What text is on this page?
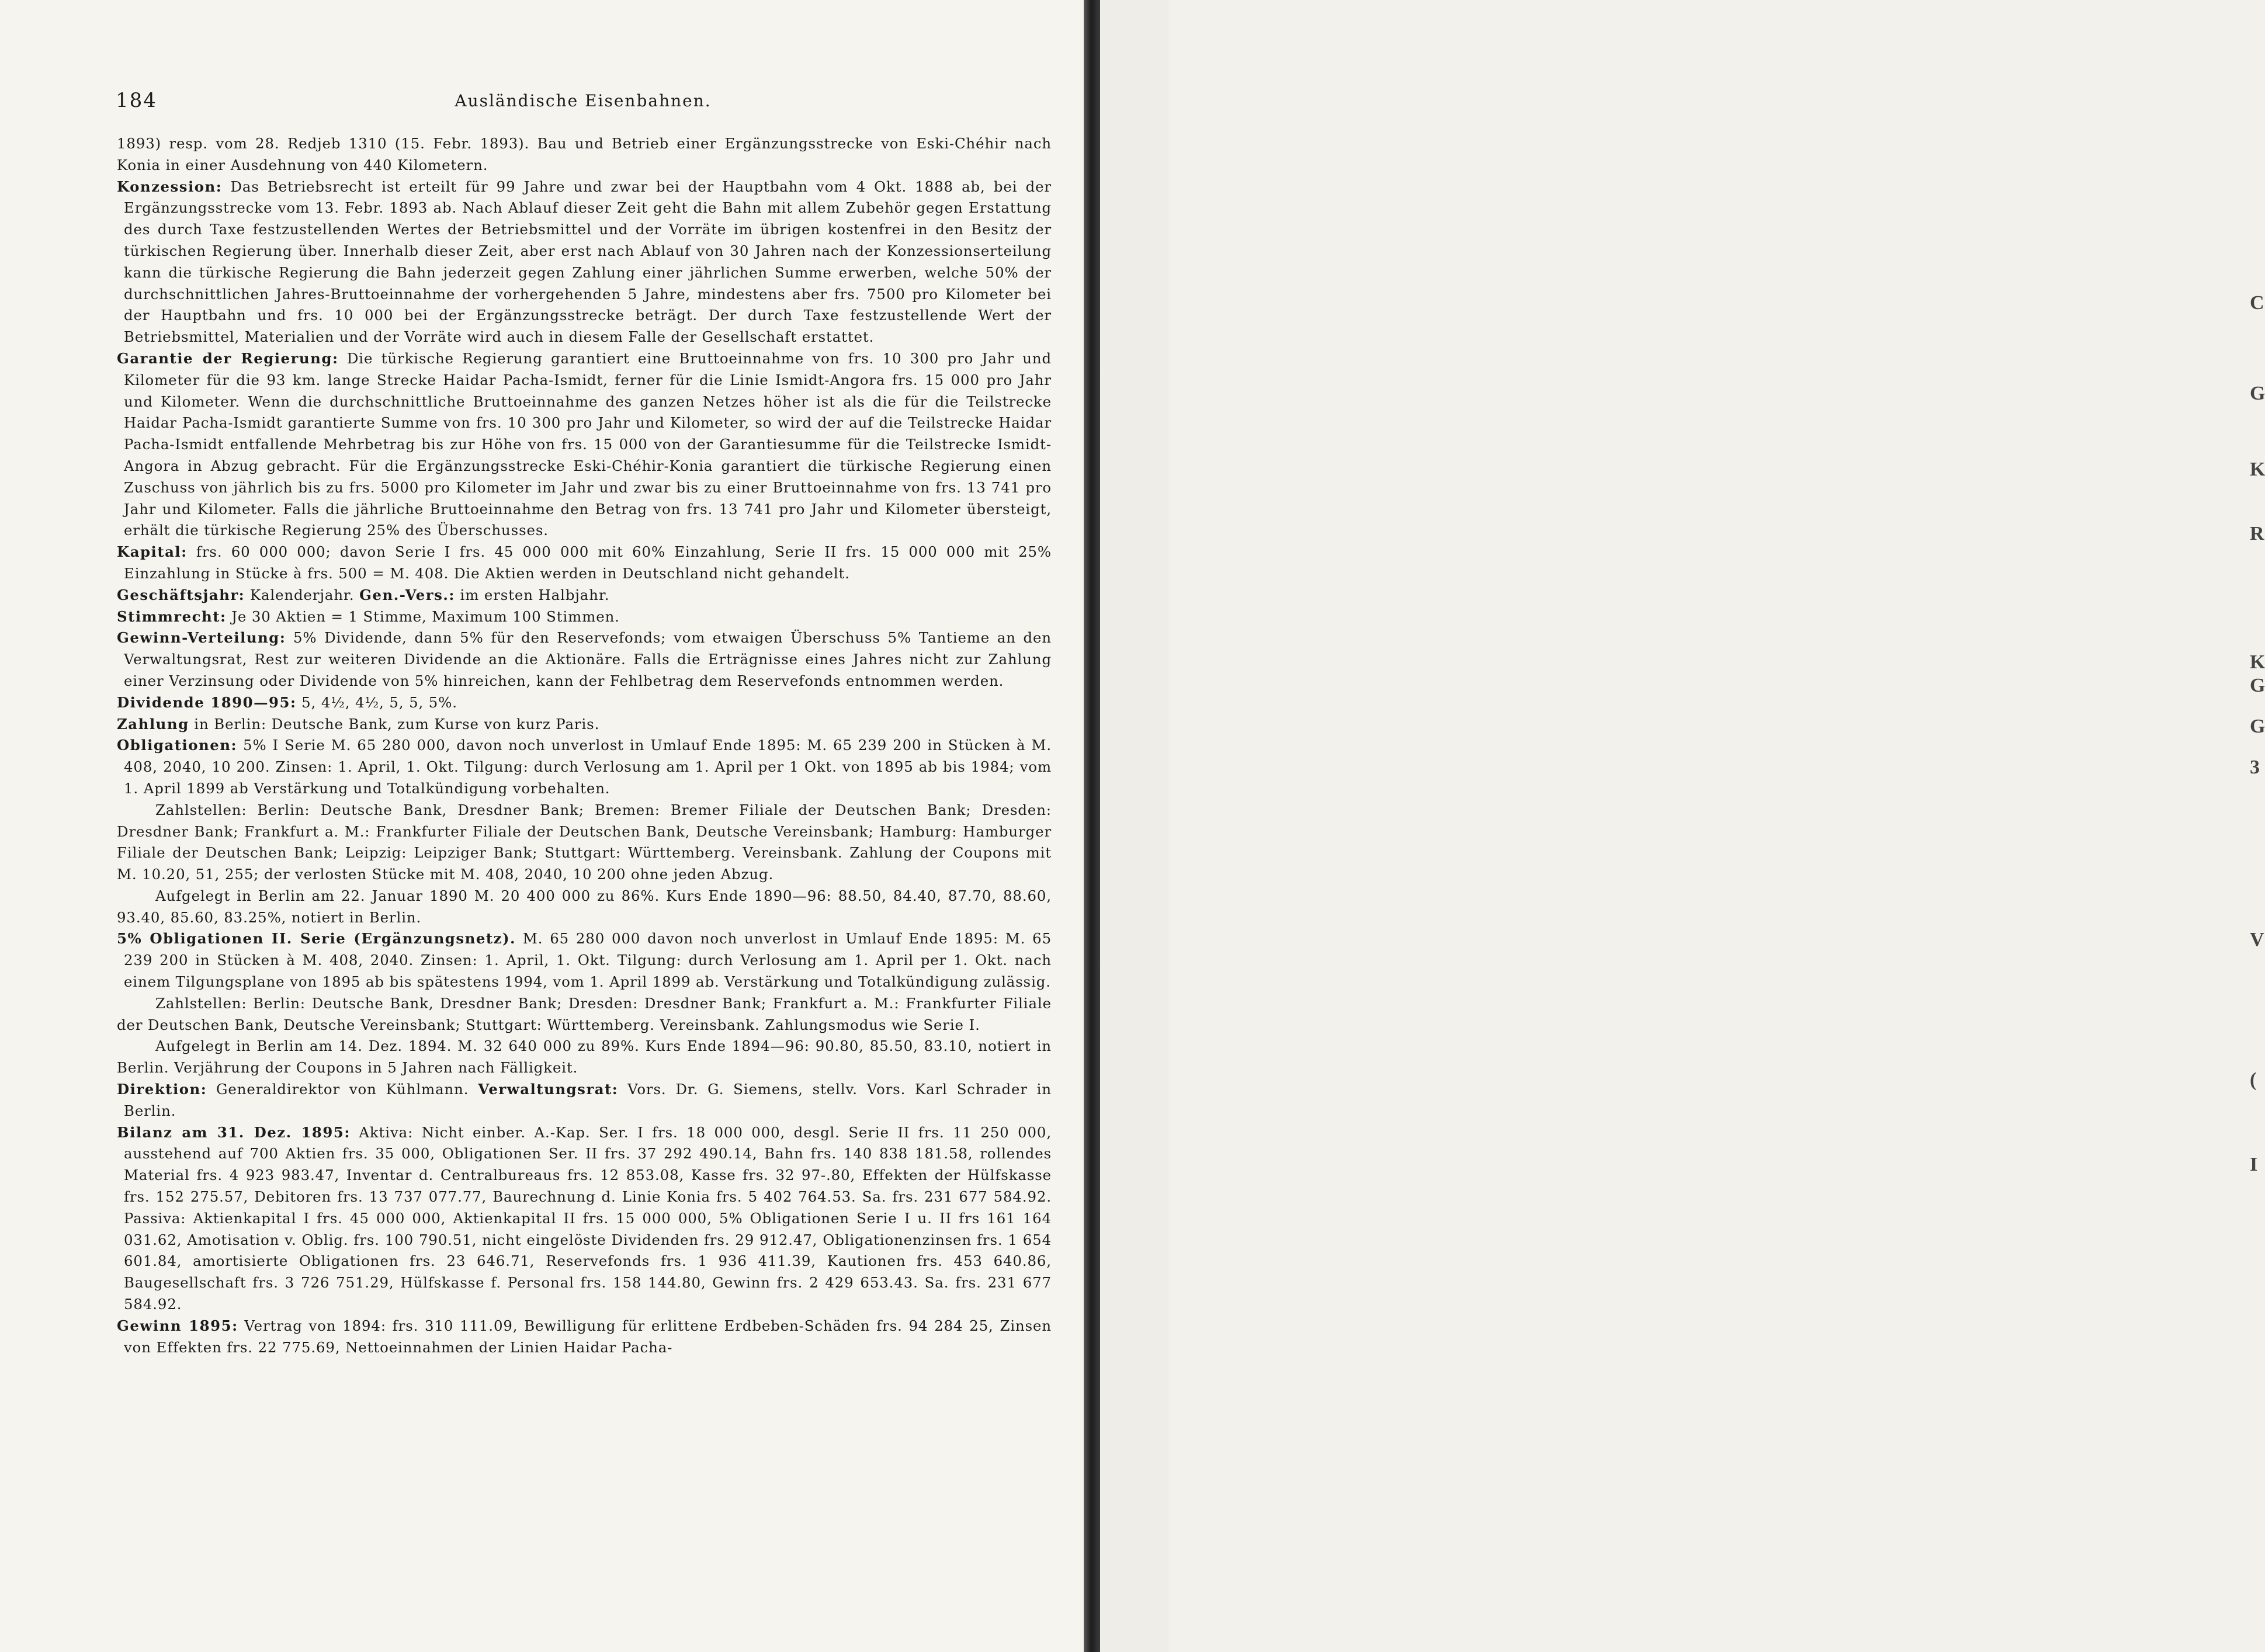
184	Ausländische Eisenbahnen.

1893) resp. vom 28. Redjeb 1310 (15. Febr. 1893). Bau und Betrieb einer Ergänzungsstrecke von Eski-Chéhir nach Konia in einer Ausdehnung von 440 Kilometern.

Konzession: Das Betriebsrecht ist erteilt für 99 Jahre und zwar bei der Hauptbahn vom 4 Okt. 1888 ab, bei der Ergänzungsstrecke vom 13. Febr. 1893 ab. Nach Ablauf dieser Zeit geht die Bahn mit allem Zubehör gegen Erstattung des durch Taxe festzustellenden Wertes der Betriebsmittel und der Vorräte im übrigen kostenfrei in den Besitz der türkischen Regierung über. Innerhalb dieser Zeit, aber erst nach Ablauf von 30 Jahren nach der Konzessionserteilung kann die türkische Regierung die Bahn jederzeit gegen Zahlung einer jährlichen Summe erwerben, welche 50% der durchschnittlichen Jahres-Bruttoeinnahme der vorhergehenden 5 Jahre, mindestens aber frs. 7500 pro Kilometer bei der Hauptbahn und frs. 10 000 bei der Ergänzungsstrecke beträgt. Der durch Taxe festzustellende Wert der Betriebsmittel, Materialien und der Vorräte wird auch in diesem Falle der Gesellschaft erstattet.

Garantie der Regierung: Die türkische Regierung garantiert eine Bruttoeinnahme von frs. 10 300 pro Jahr und Kilometer für die 93 km. lange Strecke Haidar Pacha-Ismidt, ferner für die Linie Ismidt-Angora frs. 15 000 pro Jahr und Kilometer. Wenn die durchschnittliche Bruttoeinnahme des ganzen Netzes höher ist als die für die Teilstrecke Haidar Pacha-Ismidt garantierte Summe von frs. 10 300 pro Jahr und Kilometer, so wird der auf die Teilstrecke Haidar Pacha-Ismidt entfallende Mehrbetrag bis zur Höhe von frs. 15 000 von der Garantiesumme für die Teilstrecke Ismidt-Angora in Abzug gebracht. Für die Ergänzungsstrecke Eski-Chéhir-Konia garantiert die türkische Regierung einen Zuschuss von jährlich bis zu frs. 5000 pro Kilometer im Jahr und zwar bis zu einer Bruttoeinnahme von frs. 13 741 pro Jahr und Kilometer. Falls die jährliche Bruttoeinnahme den Betrag von frs. 13 741 pro Jahr und Kilometer übersteigt, erhält die türkische Regierung 25% des Überschusses.

Kapital: frs. 60 000 000; davon Serie I frs. 45 000 000 mit 60% Einzahlung, Serie II frs. 15 000 000 mit 25% Einzahlung in Stücke à frs. 500 = M. 408. Die Aktien werden in Deutschland nicht gehandelt.

Geschäftsjahr: Kalenderjahr. Gen.-Vers.: im ersten Halbjahr.

Stimmrecht: Je 30 Aktien = 1 Stimme, Maximum 100 Stimmen.

Gewinn-Verteilung: 5% Dividende, dann 5% für den Reservefonds; vom etwaigen Überschuss 5% Tantieme an den Verwaltungsrat, Rest zur weiteren Dividende an die Aktionäre. Falls die Erträgnisse eines Jahres nicht zur Zahlung einer Verzinsung oder Dividende von 5% hinreichen, kann der Fehlbetrag dem Reservefonds entnommen werden.

Dividende 1890—95: 5, 4½, 4½, 5, 5, 5%.

Zahlung in Berlin: Deutsche Bank, zum Kurse von kurz Paris.

Obligationen: 5% I Serie M. 65 280 000, davon noch unverlost in Umlauf Ende 1895: M. 65 239 200 in Stücken à M. 408, 2040, 10 200. Zinsen: 1. April, 1. Okt. Tilgung: durch Verlosung am 1. April per 1 Okt. von 1895 ab bis 1984; vom 1. April 1899 ab Verstärkung und Totalkündigung vorbehalten.

Zahlstellen: Berlin: Deutsche Bank, Dresdner Bank; Bremen: Bremer Filiale der Deutschen Bank; Dresden: Dresdner Bank; Frankfurt a. M.: Frankfurter Filiale der Deutschen Bank, Deutsche Vereinsbank; Hamburg: Hamburger Filiale der Deutschen Bank; Leipzig: Leipziger Bank; Stuttgart: Württemberg. Vereinsbank. Zahlung der Coupons mit M. 10.20, 51, 255; der verlosten Stücke mit M. 408, 2040, 10 200 ohne jeden Abzug.

Aufgelegt in Berlin am 22. Januar 1890 M. 20 400 000 zu 86%. Kurs Ende 1890—96: 88.50, 84.40, 87.70, 88.60, 93.40, 85.60, 83.25%, notiert in Berlin.

5% Obligationen II. Serie (Ergänzungsnetz). M. 65 280 000 davon noch unverlost in Umlauf Ende 1895: M. 65 239 200 in Stücken à M. 408, 2040. Zinsen: 1. April, 1. Okt. Tilgung: durch Verlosung am 1. April per 1. Okt. nach einem Tilgungsplane von 1895 ab bis spätestens 1994, vom 1. April 1899 ab. Verstärkung und Totalkündigung zulässig.

Zahlstellen: Berlin: Deutsche Bank, Dresdner Bank; Dresden: Dresdner Bank; Frankfurt a. M.: Frankfurter Filiale der Deutschen Bank, Deutsche Vereinsbank; Stuttgart: Württemberg. Vereinsbank. Zahlungsmodus wie Serie I.

Aufgelegt in Berlin am 14. Dez. 1894. M. 32 640 000 zu 89%. Kurs Ende 1894—96: 90.80, 85.50, 83.10, notiert in Berlin. Verjährung der Coupons in 5 Jahren nach Fälligkeit.

Direktion: Generaldirektor von Kühlmann. Verwaltungsrat: Vors. Dr. G. Siemens, stellv. Vors. Karl Schrader in Berlin.

Bilanz am 31. Dez. 1895: Aktiva: Nicht einber. A.-Kap. Ser. I frs. 18 000 000, desgl. Serie II frs. 11 250 000, ausstehend auf 700 Aktien frs. 35 000, Obligationen Ser. II frs. 37 292 490.14, Bahn frs. 140 838 181.58, rollendes Material frs. 4 923 983.47, Inventar d. Centralbureaus frs. 12 853.08, Kasse frs. 32 97-.80, Effekten der Hülfskasse frs. 152 275.57, Debitoren frs. 13 737 077.77, Baurechnung d. Linie Konia frs. 5 402 764.53. Sa. frs. 231 677 584.92. Passiva: Aktienkapital I frs. 45 000 000, Aktienkapital II frs. 15 000 000, 5% Obligationen Serie I u. II frs 161 164 031.62, Amotisation v. Oblig. frs. 100 790.51, nicht eingelöste Dividenden frs. 29 912.47, Obligationenzinsen frs. 1 654 601.84, amortisierte Obligationen frs. 23 646.71, Reservefonds frs. 1 936 411.39, Kautionen frs. 453 640.86, Baugesellschaft frs. 3 726 751.29, Hülfskasse f. Personal frs. 158 144.80, Gewinn frs. 2 429 653.43. Sa. frs. 231 677 584.92.

Gewinn 1895: Vertrag von 1894: frs. 310 111.09, Bewilligung für erlittene Erdbeben-Schäden frs. 94 284 25, Zinsen von Effekten frs. 22 775.69, Nettoeinnahmen der Linien Haidar Pacha-

C
G
K
R
K
G
G
3
V
(
I
